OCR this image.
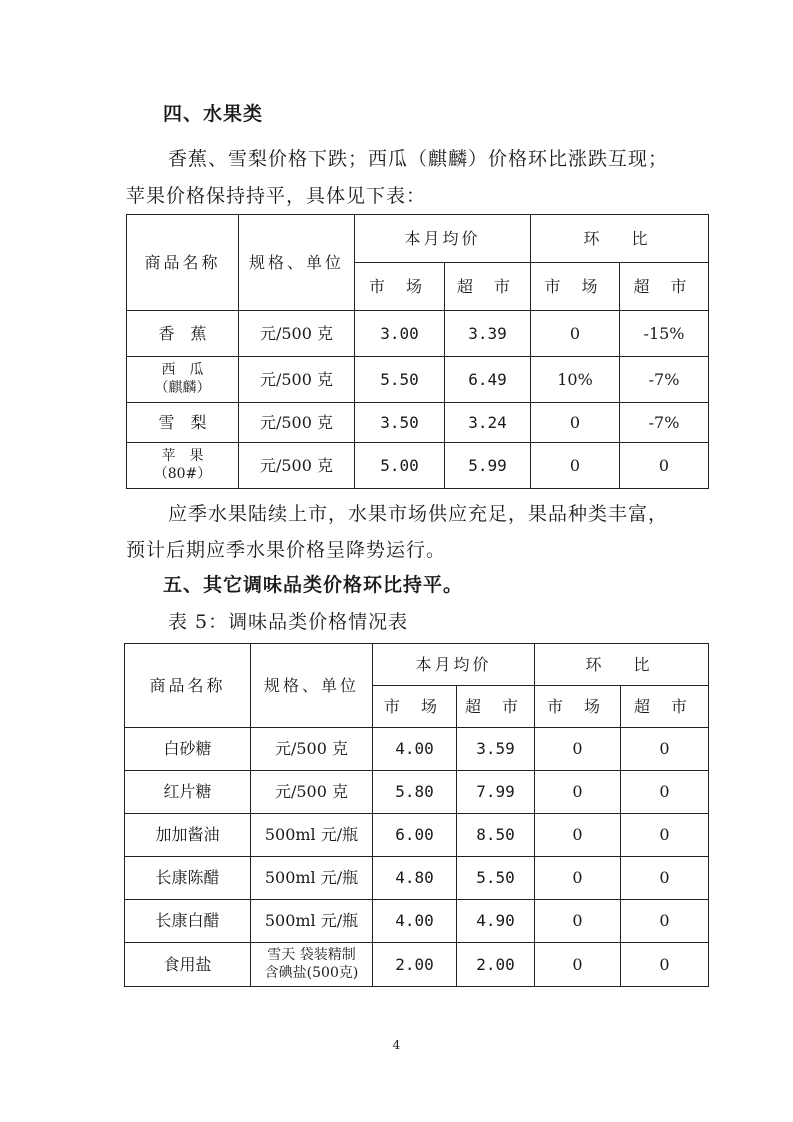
四、水果类
香蕉、雪梨价格下跌；西瓜（麒麟）价格环比涨跌互现；
苹果价格保持持平，具体见下表：
商品名称	规格、单位	本月均价		环　比	
		市 场	超 市	市 场	超 市
香　蕉	元/500 克	3.00	3.39	0	-15%

西　瓜
（麒麟）	元/500 克	5.50	6.49	10%	-7%
雪　梨	元/500 克	3.50	3.24	0	-7%

苹　果
（80#）	元/500 克	5.00	5.99	0	0
应季水果陆续上市，水果市场供应充足，果品种类丰富，
预计后期应季水果价格呈降势运行。
五、其它调味品类价格环比持平。
表 5：调味品类价格情况表
商品名称	规格、单位	本月均价		环　比	
		市 场	超 市	市 场	超 市
白砂糖	元/500 克	4.00	3.59	0	0
红片糖	元/500 克	5.80	7.99	0	0
加加酱油	500ml 元/瓶	6.00	8.50	0	0
长康陈醋	500ml 元/瓶	4.80	5.50	0	0
长康白醋	500ml 元/瓶	4.00	4.90	0	0
食用盐	雪天 袋装精制
含碘盐(500克)	2.00	2.00	0	0
4
